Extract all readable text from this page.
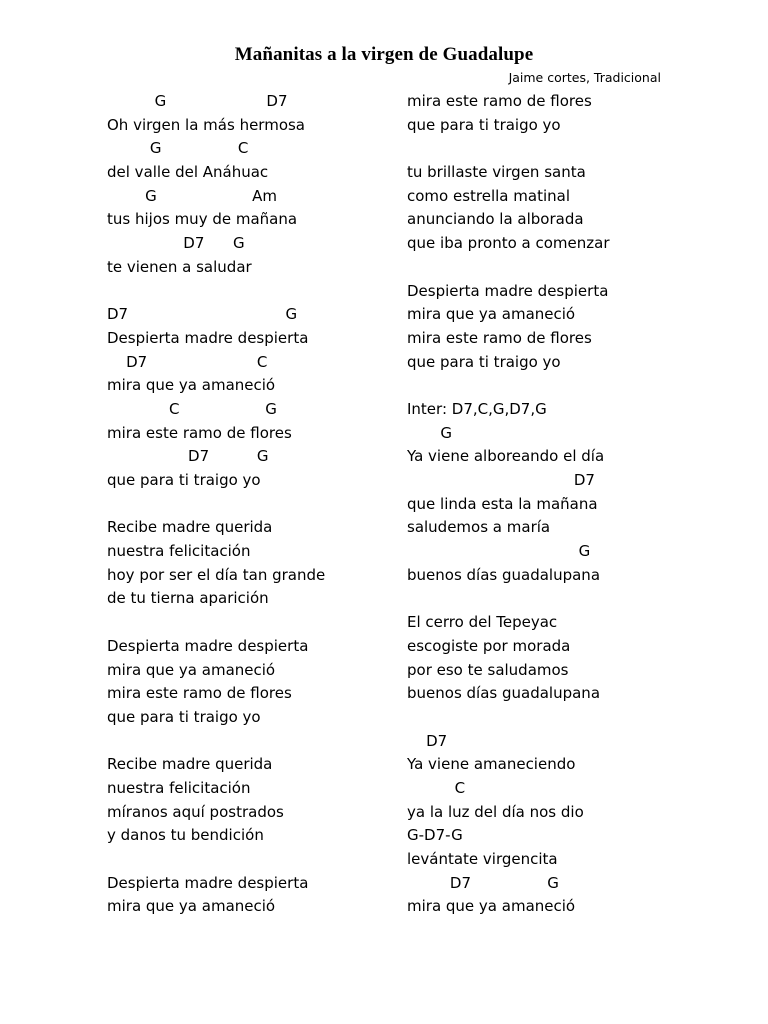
Mañanitas a la virgen de Guadalupe
Jaime cortes, Tradicional
G                     D7
Oh virgen la más hermosa
G                C
del valle del Anáhuac
G                    Am
tus hijos muy de mañana
D7      G
te vienen a saludar
D7                                 G
Despierta madre despierta
D7                       C
mira que ya amaneció
C                  G
mira este ramo de flores
D7          G
que para ti traigo yo
Recibe madre querida
nuestra felicitación
hoy por ser el día tan grande
de tu tierna aparición
Despierta madre despierta
mira que ya amaneció
mira este ramo de flores
que para ti traigo yo
Recibe madre querida
nuestra felicitación
míranos aquí postrados
y danos tu bendición
Despierta madre despierta
mira que ya amaneció
mira este ramo de flores
que para ti traigo yo
tu brillaste virgen santa
como estrella matinal
anunciando la alborada
que iba pronto a comenzar
Despierta madre despierta
mira que ya amaneció
mira este ramo de flores
que para ti traigo yo
Inter: D7,C,G,D7,G
G
Ya viene alboreando el día
D7
que linda esta la mañana
saludemos a maría
G
buenos días guadalupana
El cerro del Tepeyac
escogiste por morada
por eso te saludamos
buenos días guadalupana
D7
Ya viene amaneciendo
C
ya la luz del día nos dio
G-D7-G
levántate virgencita
D7                G
mira que ya amaneció
